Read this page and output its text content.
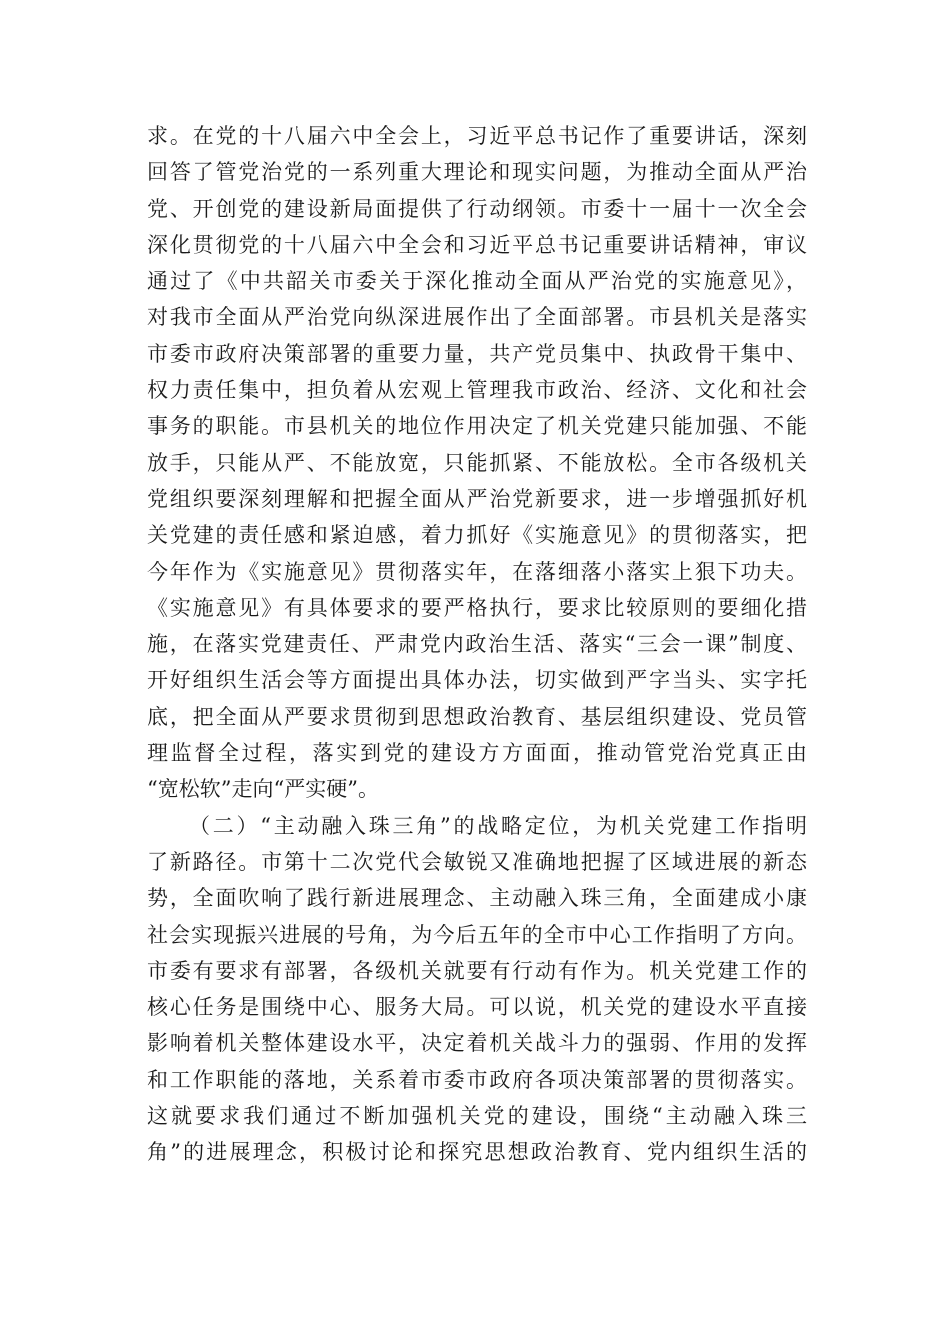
求。在党的十八届六中全会上，习近平总书记作了重要讲话，深刻
回答了管党治党的一系列重大理论和现实问题，为推动全面从严治
党、开创党的建设新局面提供了行动纲领。市委十一届十一次全会
深化贯彻党的十八届六中全会和习近平总书记重要讲话精神，审议
通过了《中共韶关市委关于深化推动全面从严治党的实施意见》，
对我市全面从严治党向纵深进展作出了全面部署。市县机关是落实
市委市政府决策部署的重要力量，共产党员集中、执政骨干集中、
权力责任集中，担负着从宏观上管理我市政治、经济、文化和社会
事务的职能。市县机关的地位作用决定了机关党建只能加强、不能
放手，只能从严、不能放宽，只能抓紧、不能放松。全市各级机关
党组织要深刻理解和把握全面从严治党新要求，进一步增强抓好机
关党建的责任感和紧迫感，着力抓好《实施意见》的贯彻落实，把
今年作为《实施意见》贯彻落实年，在落细落小落实上狠下功夫。
《实施意见》有具体要求的要严格执行，要求比较原则的要细化措
施，在落实党建责任、严肃党内政治生活、落实“三会一课”制度、
开好组织生活会等方面提出具体办法，切实做到严字当头、实字托
底，把全面从严要求贯彻到思想政治教育、基层组织建设、党员管
理监督全过程，落实到党的建设方方面面，推动管党治党真正由
“宽松软”走向“严实硬”。
（二）“主动融入珠三角”的战略定位，为机关党建工作指明
了新路径。市第十二次党代会敏锐又准确地把握了区域进展的新态
势，全面吹响了践行新进展理念、主动融入珠三角，全面建成小康
社会实现振兴进展的号角，为今后五年的全市中心工作指明了方向。
市委有要求有部署，各级机关就要有行动有作为。机关党建工作的
核心任务是围绕中心、服务大局。可以说，机关党的建设水平直接
影响着机关整体建设水平，决定着机关战斗力的强弱、作用的发挥
和工作职能的落地，关系着市委市政府各项决策部署的贯彻落实。
这就要求我们通过不断加强机关党的建设，围绕“主动融入珠三
角”的进展理念，积极讨论和探究思想政治教育、党内组织生活的
